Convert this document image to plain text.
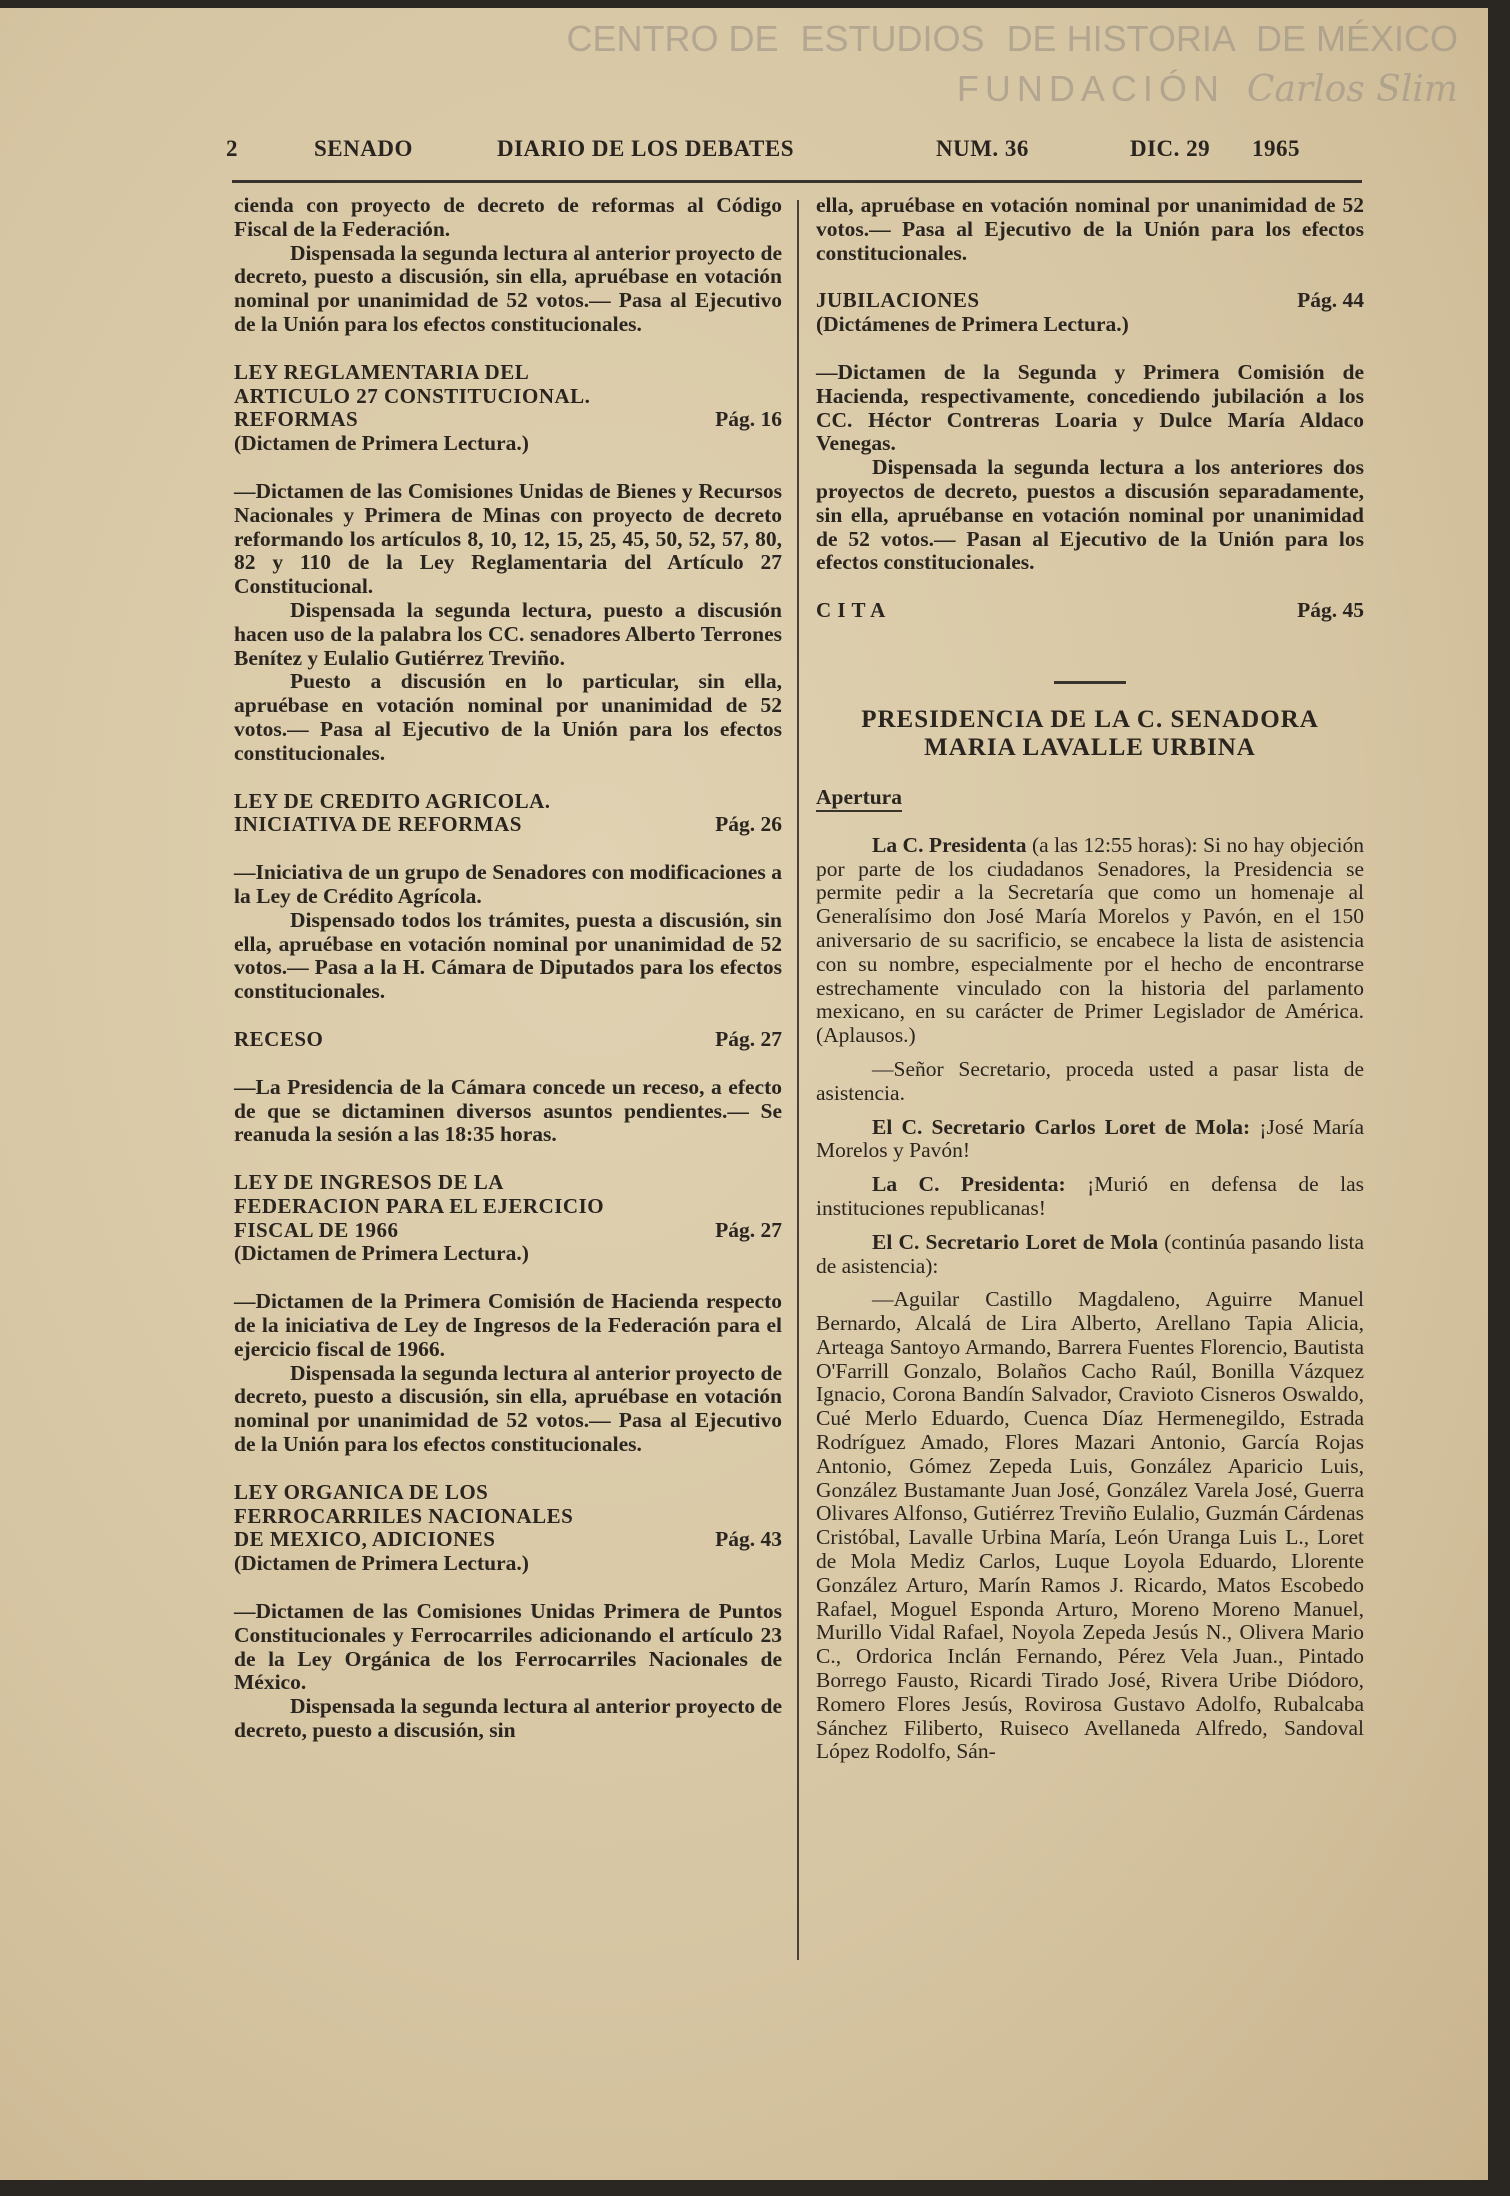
CENTRO DE ESTUDIOS DE HISTORIA DE MÉXICO
FUNDACIÓN Carlos Slim
2	SENADO	DIARIO DE LOS DEBATES	NUM. 36	DIC. 29 1965

cienda con proyecto de decreto de reformas al Código Fiscal de la Federación.

Dispensada la segunda lectura al anterior proyecto de decreto, puesto a discusión, sin ella, apruébase en votación nominal por unanimidad de 52 votos.— Pasa al Ejecutivo de la Unión para los efectos constitucionales.

LEY REGLAMENTARIA DEL
ARTICULO 27 CONSTITUCIONAL.
REFORMAS	Pág. 16
(Dictamen de Primera Lectura.)

—Dictamen de las Comisiones Unidas de Bienes y Recursos Nacionales y Primera de Minas con proyecto de decreto reformando los artículos 8, 10, 12, 15, 25, 45, 50, 52, 57, 80, 82 y 110 de la Ley Reglamentaria del Artículo 27 Constitucional.

Dispensada la segunda lectura, puesto a discusión hacen uso de la palabra los CC. senadores Alberto Terrones Benítez y Eulalio Gutiérrez Treviño.

Puesto a discusión en lo particular, sin ella, apruébase en votación nominal por unanimidad de 52 votos.— Pasa al Ejecutivo de la Unión para los efectos constitucionales.

LEY DE CREDITO AGRICOLA.
INICIATIVA DE REFORMAS	Pág. 26

—Iniciativa de un grupo de Senadores con modificaciones a la Ley de Crédito Agrícola.

Dispensado todos los trámites, puesta a discusión, sin ella, apruébase en votación nominal por unanimidad de 52 votos.— Pasa a la H. Cámara de Diputados para los efectos constitucionales.

RECESO	Pág. 27

—La Presidencia de la Cámara concede un receso, a efecto de que se dictaminen diversos asuntos pendientes.— Se reanuda la sesión a las 18:35 horas.

LEY DE INGRESOS DE LA
FEDERACION PARA EL EJERCICIO
FISCAL DE 1966	Pág. 27
(Dictamen de Primera Lectura.)

—Dictamen de la Primera Comisión de Hacienda respecto de la iniciativa de Ley de Ingresos de la Federación para el ejercicio fiscal de 1966.

Dispensada la segunda lectura al anterior proyecto de decreto, puesto a discusión, sin ella, apruébase en votación nominal por unanimidad de 52 votos.— Pasa al Ejecutivo de la Unión para los efectos constitucionales.

LEY ORGANICA DE LOS
FERROCARRILES NACIONALES
DE MEXICO, ADICIONES	Pág. 43
(Dictamen de Primera Lectura.)

—Dictamen de las Comisiones Unidas Primera de Puntos Constitucionales y Ferrocarriles adicionando el artículo 23 de la Ley Orgánica de los Ferrocarriles Nacionales de México.

Dispensada la segunda lectura al anterior proyecto de decreto, puesto a discusión, sin

ella, apruébase en votación nominal por unanimidad de 52 votos.— Pasa al Ejecutivo de la Unión para los efectos constitucionales.

JUBILACIONES	Pág. 44
(Dictámenes de Primera Lectura.)

—Dictamen de la Segunda y Primera Comisión de Hacienda, respectivamente, concediendo jubilación a los CC. Héctor Contreras Loaria y Dulce María Aldaco Venegas.

Dispensada la segunda lectura a los anteriores dos proyectos de decreto, puestos a discusión separadamente, sin ella, apruébanse en votación nominal por unanimidad de 52 votos.— Pasan al Ejecutivo de la Unión para los efectos constitucionales.

C I T A	Pág. 45
PRESIDENCIA DE LA C. SENADORA
MARIA LAVALLE URBINA
Apertura

La C. Presidenta (a las 12:55 horas): Si no hay objeción por parte de los ciudadanos Senadores, la Presidencia se permite pedir a la Secretaría que como un homenaje al Generalísimo don José María Morelos y Pavón, en el 150 aniversario de su sacrificio, se encabece la lista de asistencia con su nombre, especialmente por el hecho de encontrarse estrechamente vinculado con la historia del parlamento mexicano, en su carácter de Primer Legislador de América. (Aplausos.)

—Señor Secretario, proceda usted a pasar lista de asistencia.

El C. Secretario Carlos Loret de Mola: ¡José María Morelos y Pavón!

La C. Presidenta: ¡Murió en defensa de las instituciones republicanas!

El C. Secretario Loret de Mola (continúa pasando lista de asistencia):

—Aguilar Castillo Magdaleno, Aguirre Manuel Bernardo, Alcalá de Lira Alberto, Arellano Tapia Alicia, Arteaga Santoyo Armando, Barrera Fuentes Florencio, Bautista O'Farrill Gonzalo, Bolaños Cacho Raúl, Bonilla Vázquez Ignacio, Corona Bandín Salvador, Cravioto Cisneros Oswaldo, Cué Merlo Eduardo, Cuenca Díaz Hermenegildo, Estrada Rodríguez Amado, Flores Mazari Antonio, García Rojas Antonio, Gómez Zepeda Luis, González Aparicio Luis, González Bustamante Juan José, González Varela José, Guerra Olivares Alfonso, Gutiérrez Treviño Eulalio, Guzmán Cárdenas Cristóbal, Lavalle Urbina María, León Uranga Luis L., Loret de Mola Mediz Carlos, Luque Loyola Eduardo, Llorente González Arturo, Marín Ramos J. Ricardo, Matos Escobedo Rafael, Moguel Esponda Arturo, Moreno Moreno Manuel, Murillo Vidal Rafael, Noyola Zepeda Jesús N., Olivera Mario C., Ordorica Inclán Fernando, Pérez Vela Juan., Pintado Borrego Fausto, Ricardi Tirado José, Rivera Uribe Diódoro, Romero Flores Jesús, Rovirosa Gustavo Adolfo, Rubalcaba Sánchez Filiberto, Ruiseco Avellaneda Alfredo, Sandoval López Rodolfo, Sán-
